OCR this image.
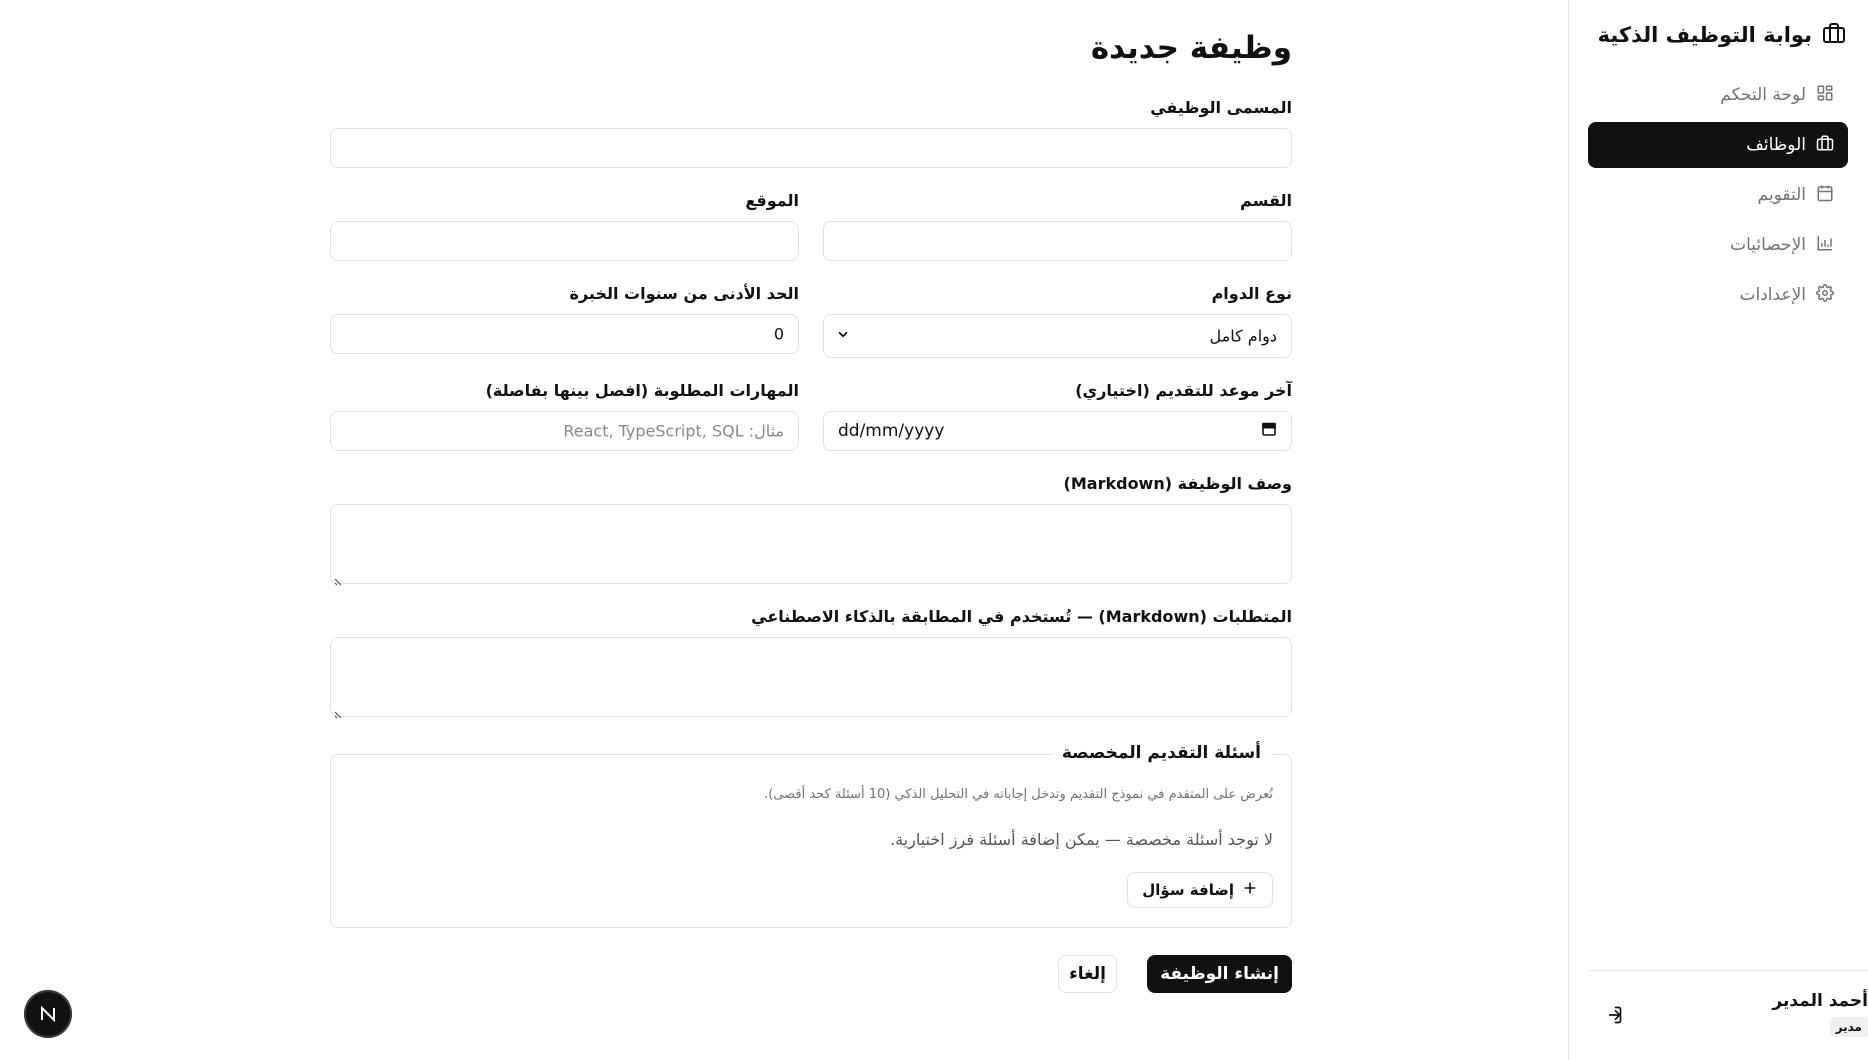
بوابة التوظيف الذكية
لوحة التحكم
الوظائف
التقويم
الإحصائيات
الإعدادات
أحمد المدير
مدير
وظيفة جديدة
المسمى الوظيفي
القسم
الموقع
نوع الدوام
دوام كامل
الحد الأدنى من سنوات الخبرة
0
آخر موعد للتقديم (اختياري)
dd/mm/yyyy
المهارات المطلوبة (افصل بينها بفاصلة)
مثال: React, TypeScript, SQL
وصف الوظيفة (Markdown)
المتطلبات (Markdown) — تُستخدم في المطابقة بالذكاء الاصطناعي
أسئلة التقديم المخصصة
تُعرض على المتقدم في نموذج التقديم وتدخل إجاباته في التحليل الذكي (10 أسئلة كحد أقصى).
لا توجد أسئلة مخصصة — يمكن إضافة أسئلة فرز اختيارية.
إضافة سؤال
إنشاء الوظيفة
إلغاء
